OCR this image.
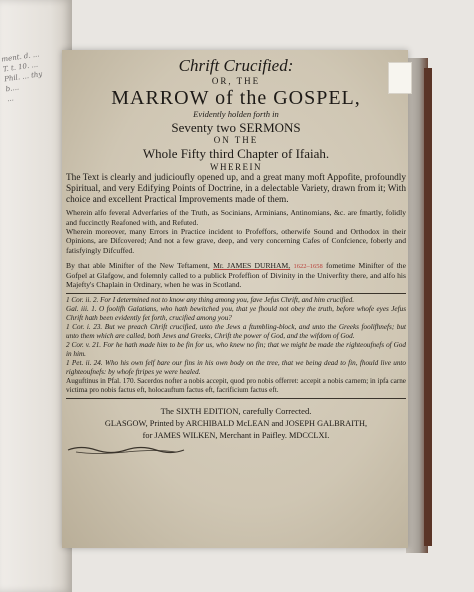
ment. d. ...
T. t. 10. ...
Phil. ... thy
b....
...
Chrift Crucified:
OR, THE
MARROW of the GOSPEL,
Evidently holden forth in
Seventy two SERMONS
ON THE
Whole Fifty third Chapter of Ifaiah.
WHEREIN
The Text is clearly and judicioufly opened up, and a great many moft Appofite, profoundly Spiritual, and very Edifying Points of Doctrine, in a delectable Variety, drawn from it; With choice and excellent Practical Improvements made of them.
Wherein alfo feveral Adverfaries of the Truth, as Socinians, Arminians, Antinomians, &c. are fmartly, folidly and fuccinctly Reafoned with, and Refuted.
Wherein moreover, many Errors in Practice incident to Profeffors, otherwife Sound and Orthodox in their Opinions, are Difcovered; And not a few grave, deep, and very concerning Cafes of Confcience, foberly and fatisfyingly Difcuffed.
By that able Minifter of the New Teftament, Mr. JAMES DURHAM, 1622–1658 fometime Minifter of the Gofpel at Glafgow, and folemnly called to a publick Profeffion of Divinity in the Univerfity there, and alfo his Majefty's Chaplain in Ordinary, when he was in Scotland.
1 Cor. ii. 2. For I determined not to know any thing among you, fave Jefus Chrift, and him crucified.
Gal. iii. 1. O foolifh Galatians, who hath bewitched you, that ye fhould not obey the truth, before whofe eyes Jefus Chrift hath been evidently fet forth, crucified among you?
1 Cor. i. 23. But we preach Chrift crucified, unto the Jews a ftumbling-block, and unto the Greeks foolifhnefs; but unto them which are called, both Jews and Greeks, Chrift the power of God, and the wifdom of God.
2 Cor. v. 21. For he hath made him to be fin for us, who knew no fin; that we might be made the righteoufnefs of God in him.
1 Pet. ii. 24. Who his own felf bare our fins in his own body on the tree, that we being dead to fin, fhould live unto righteoufnefs: by whofe ftripes ye were healed.
Auguftinus in Pfal. 170. Sacerdos nofter a nobis accepit, quod pro nobis offerret: accepit a nobis carnem; in ipfa carne victima pro nobis factus eft, holocauftum factus eft, facrificium factus eft.
The SIXTH EDITION, carefully Corrected.
GLASGOW, Printed by ARCHIBALD McLEAN and JOSEPH GALBRAITH,
for JAMES WILKEN, Merchant in Paifley. MDCCLXI.
